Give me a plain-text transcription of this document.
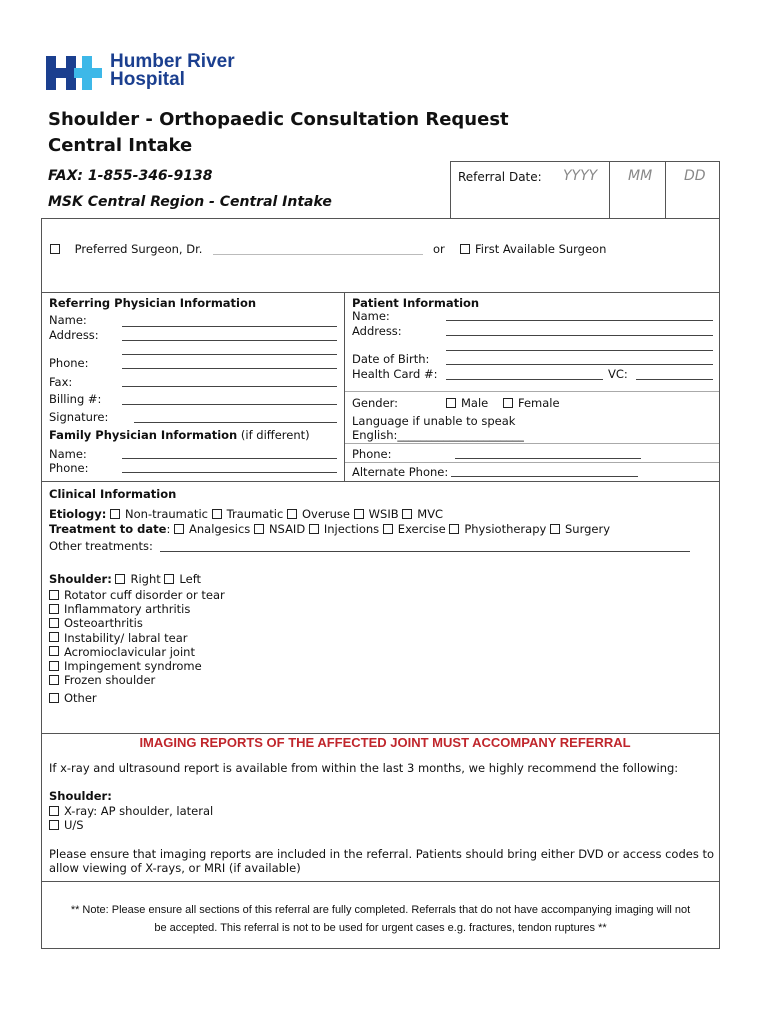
Humber River
Hospital
Shoulder - Orthopaedic Consultation Request
Central Intake
FAX: 1-855-346-9138
MSK Central Region - Central Intake
Referral Date: YYYY MM DD
Preferred Surgeon, Dr.	or	First Available Surgeon
Referring Physician Information
Name:
Address:
Phone:
Fax:
Billing #:
Signature:
Family Physician Information (if different)
Name:
Phone:
Patient Information
Name:
Address:
Date of Birth:
Health Card #:	VC:
Gender:	Male	Female
Language if unable to speak
English:______________________
Phone:
Alternate Phone:
Clinical Information
Etiology: Non-traumatic Traumatic Overuse WSIB MVC
Treatment to date: Analgesics NSAID Injections Exercise Physiotherapy Surgery
Other treatments:
Shoulder: Right Left
Rotator cuff disorder or tear
Inflammatory arthritis
Osteoarthritis
Instability/ labral tear
Acromioclavicular joint
Impingement syndrome
Frozen shoulder
Other
IMAGING REPORTS OF THE AFFECTED JOINT MUST ACCOMPANY REFERRAL
If x-ray and ultrasound report is available from within the last 3 months, we highly recommend the following:
Shoulder:
X-ray: AP shoulder, lateral
U/S
Please ensure that imaging reports are included in the referral. Patients should bring either DVD or access codes to
allow viewing of X-rays, or MRI (if available)
** Note: Please ensure all sections of this referral are fully completed. Referrals that do not have accompanying imaging will not
be accepted. This referral is not to be used for urgent cases e.g. fractures, tendon ruptures **
